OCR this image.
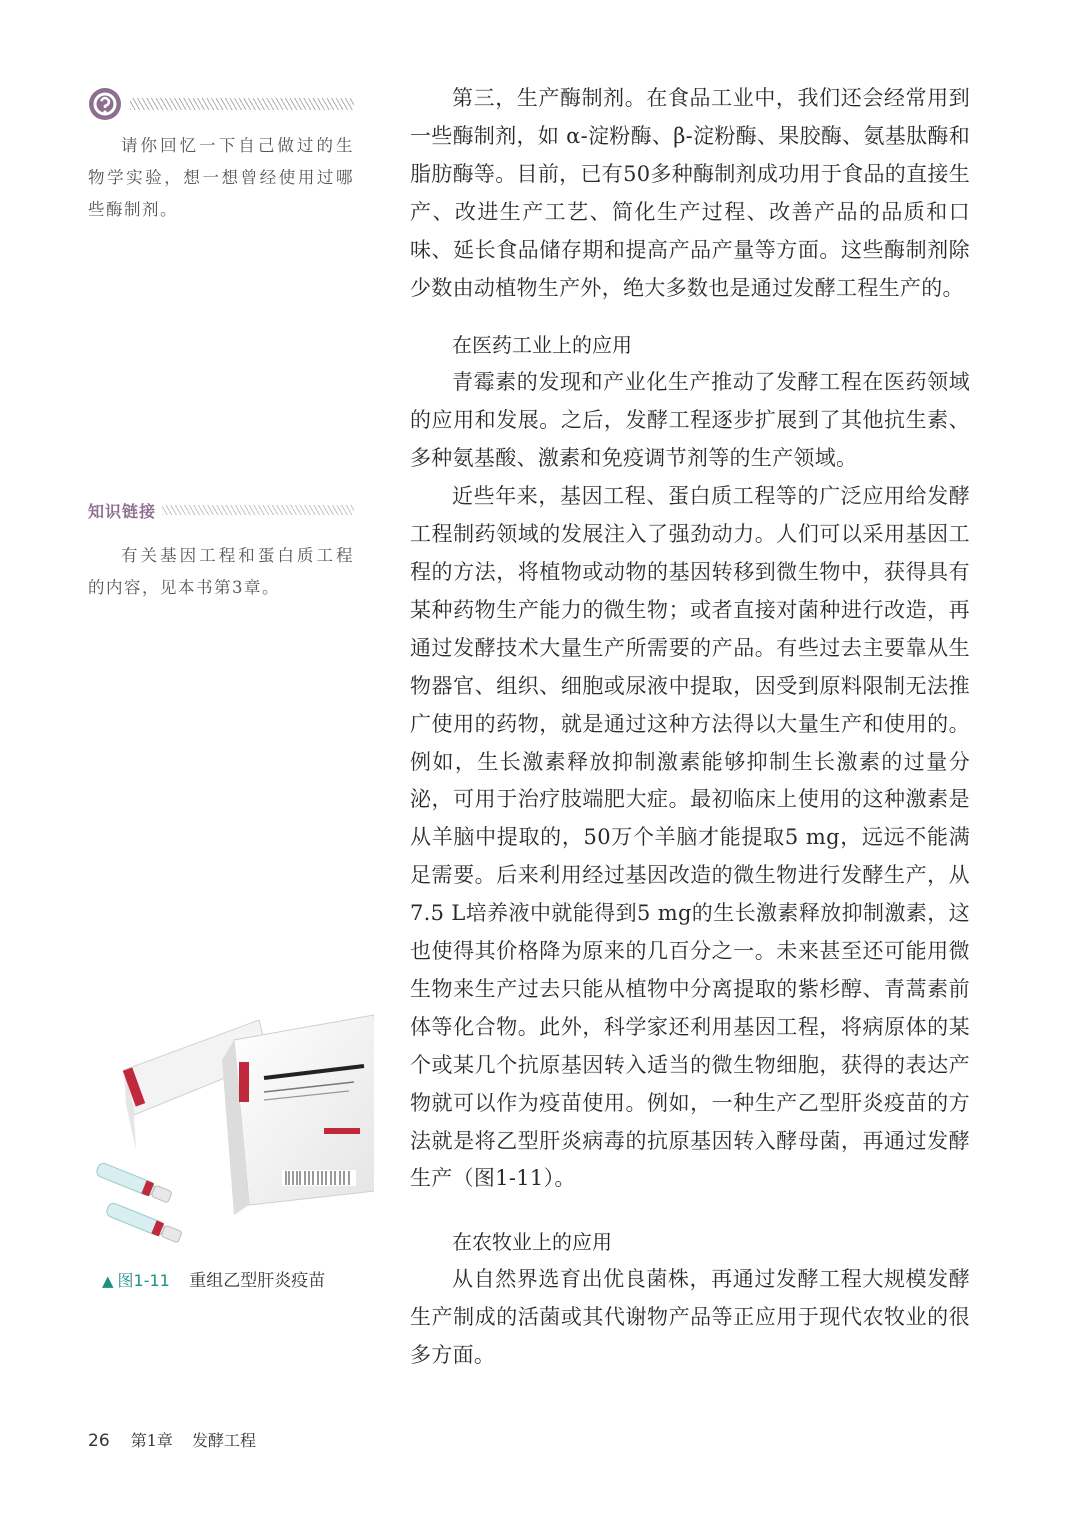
请你回忆一下自己做过的生物学实验，想一想曾经使用过哪些酶制剂。

知识链接

有关基因工程和蛋白质工程的内容，见本书第3章。

第三，生产酶制剂。在食品工业中，我们还会经常用到一些酶制剂，如 α-淀粉酶、β-淀粉酶、果胶酶、氨基肽酶和脂肪酶等。目前，已有50多种酶制剂成功用于食品的直接生产、改进生产工艺、简化生产过程、改善产品的品质和口味、延长食品储存期和提高产品产量等方面。这些酶制剂除少数由动植物生产外，绝大多数也是通过发酵工程生产的。

在医药工业上的应用

青霉素的发现和产业化生产推动了发酵工程在医药领域的应用和发展。之后，发酵工程逐步扩展到了其他抗生素、多种氨基酸、激素和免疫调节剂等的生产领域。

近些年来，基因工程、蛋白质工程等的广泛应用给发酵工程制药领域的发展注入了强劲动力。人们可以采用基因工程的方法，将植物或动物的基因转移到微生物中，获得具有某种药物生产能力的微生物；或者直接对菌种进行改造，再通过发酵技术大量生产所需要的产品。有些过去主要靠从生物器官、组织、细胞或尿液中提取，因受到原料限制无法推广使用的药物，就是通过这种方法得以大量生产和使用的。例如，生长激素释放抑制激素能够抑制生长激素的过量分泌，可用于治疗肢端肥大症。最初临床上使用的这种激素是从羊脑中提取的，50万个羊脑才能提取5 mg，远远不能满足需要。后来利用经过基因改造的微生物进行发酵生产，从7.5 L培养液中就能得到5 mg的生长激素释放抑制激素，这也使得其价格降为原来的几百分之一。未来甚至还可能用微生物来生产过去只能从植物中分离提取的紫杉醇、青蒿素前体等化合物。此外，科学家还利用基因工程，将病原体的某个或某几个抗原基因转入适当的微生物细胞，获得的表达产物就可以作为疫苗使用。例如，一种生产乙型肝炎疫苗的方法就是将乙型肝炎病毒的抗原基因转入酵母菌，再通过发酵生产（图1-11）。

在农牧业上的应用

从自然界选育出优良菌株，再通过发酵工程大规模发酵生产制成的活菌或其代谢物产品等正应用于现代农牧业的很多方面。

▲ 图1-11 重组乙型肝炎疫苗
26 第1章 发酵工程
